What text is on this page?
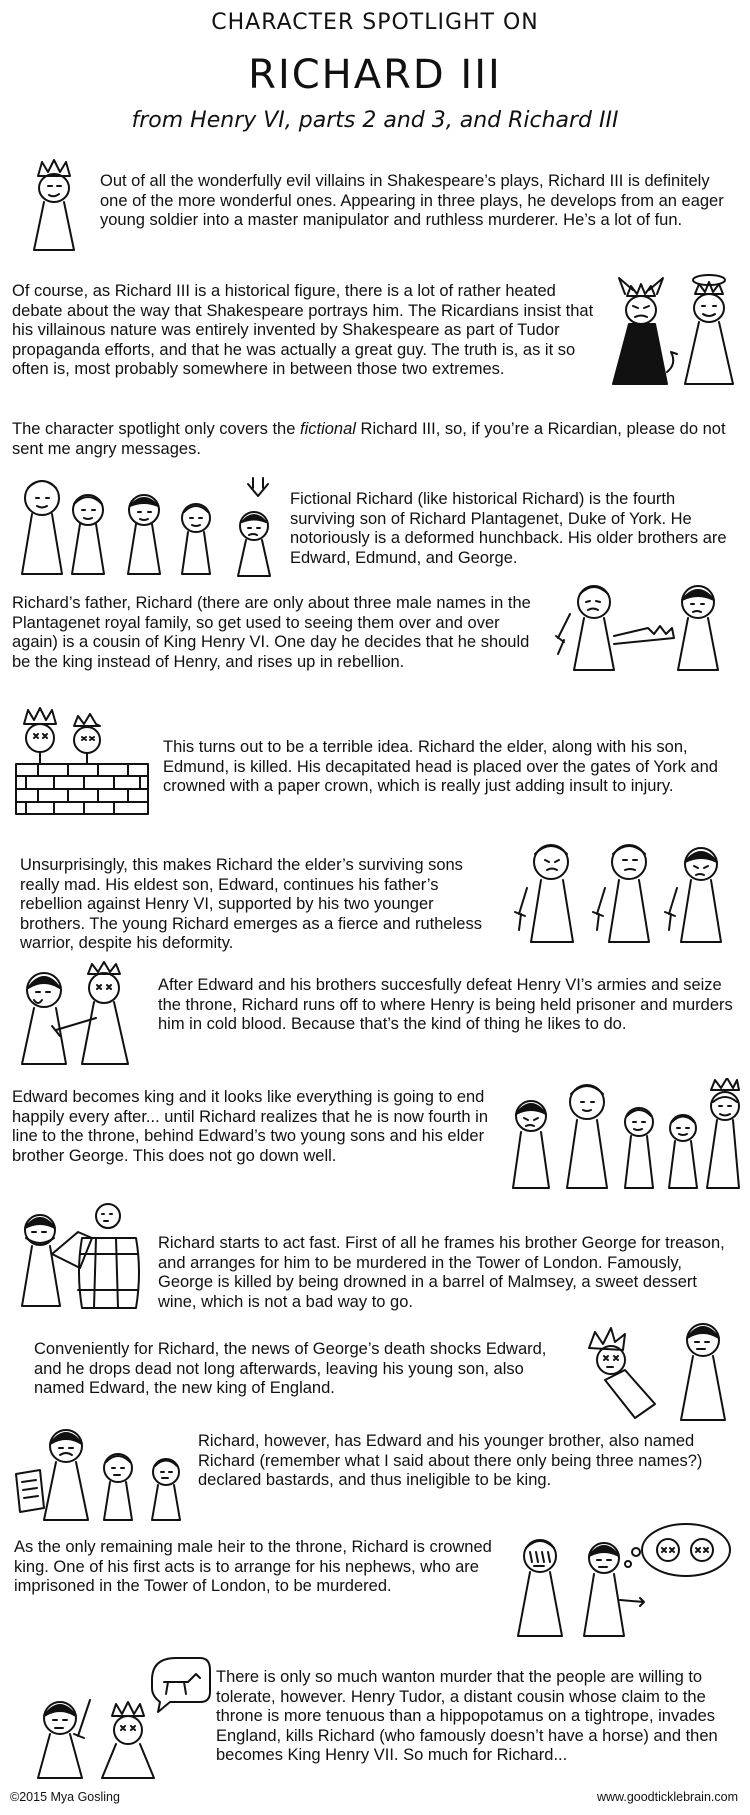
CHARACTER SPOTLIGHT ON
RICHARD III
from Henry VI, parts 2 and 3, and Richard III
Out of all the wonderfully evil villains in Shakespeare’s plays, Richard III is definitely one of the more wonderful ones. Appearing in three plays, he develops from an eager young soldier into a master manipulator and ruthless murderer. He’s a lot of fun.
Of course, as Richard III is a historical figure, there is a lot of rather heated debate about the way that Shakespeare portrays him. The Ricardians insist that his villainous nature was entirely invented by Shakespeare as part of Tudor propaganda efforts, and that he was actually a great guy. The truth is, as it so often is, most probably somewhere in between those two extremes.
The character spotlight only covers the fictional Richard III, so, if you’re a Ricardian, please do not sent me angry messages.
Fictional Richard (like historical Richard) is the fourth surviving son of Richard Plantagenet, Duke of York. He notoriously is a deformed hunchback. His older brothers are Edward, Edmund, and George.
Richard’s father, Richard (there are only about three male names in the Plantagenet royal family, so get used to seeing them over and over again) is a cousin of King Henry VI. One day he decides that he should be the king instead of Henry, and rises up in rebellion.
This turns out to be a terrible idea. Richard the elder, along with his son, Edmund, is killed. His decapitated head is placed over the gates of York and crowned with a paper crown, which is really just adding insult to injury.
Unsurprisingly, this makes Richard the elder’s surviving sons really mad. His eldest son, Edward, continues his father’s rebellion against Henry VI, supported by his two younger brothers. The young Richard emerges as a fierce and rutheless warrior, despite his deformity.
After Edward and his brothers succesfully defeat Henry VI’s armies and seize the throne, Richard runs off to where Henry is being held prisoner and murders him in cold blood. Because that’s the kind of thing he likes to do.
Edward becomes king and it looks like everything is going to end happily every after... until Richard realizes that he is now fourth in line to the throne, behind Edward’s two young sons and his elder brother George. This does not go down well.
Richard starts to act fast. First of all he frames his brother George for treason, and arranges for him to be murdered in the Tower of London. Famously, George is killed by being drowned in a barrel of Malmsey, a sweet dessert wine, which is not a bad way to go.
Conveniently for Richard, the news of George’s death shocks Edward, and he drops dead not long afterwards, leaving his young son, also named Edward, the new king of England.
Richard, however, has Edward and his younger brother, also named Richard (remember what I said about there only being three names?) declared bastards, and thus ineligible to be king.
As the only remaining male heir to the throne, Richard is crowned king. One of his first acts is to arrange for his nephews, who are imprisoned in the Tower of London, to be murdered.
There is only so much wanton murder that the people are willing to tolerate, however. Henry Tudor, a distant cousin whose claim to the throne is more tenuous than a hippopotamus on a tightrope, invades England, kills Richard (who famously doesn’t have a horse) and then becomes King Henry VII. So much for Richard...
©2015 Mya Gosling	www.goodticklebrain.com
